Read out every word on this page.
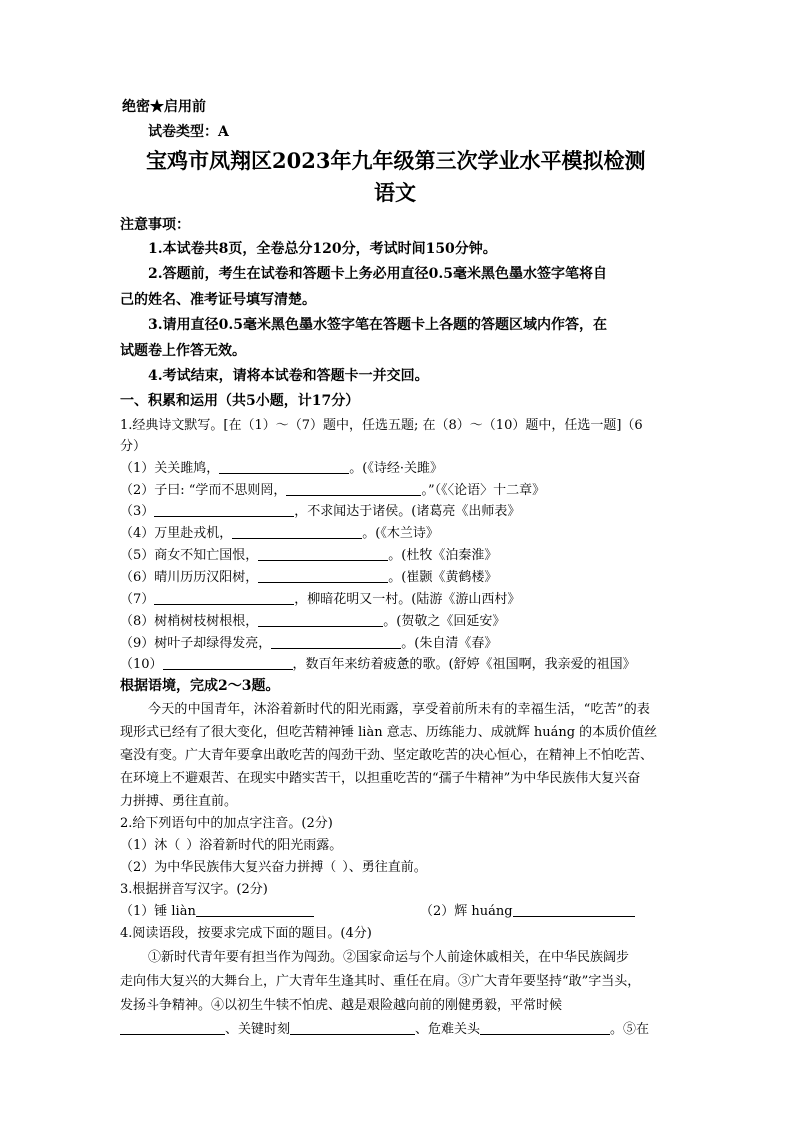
绝密★启用前
试卷类型：A
宝鸡市凤翔区2023年九年级第三次学业水平模拟检测
语文
注意事项：
1.本试卷共8页，全卷总分120分，考试时间150分钟。
2.答题前，考生在试卷和答题卡上务必用直径0.5毫米黑色墨水签字笔将自
己的姓名、准考证号填写清楚。
3.请用直径0.5毫米黑色墨水签字笔在答题卡上各题的答题区域内作答，在
试题卷上作答无效。
4.考试结束，请将本试卷和答题卡一并交回。
一、积累和运用（共5小题，计17分）
1.经典诗文默写。[在（1）～（7）题中，任选五题; 在（8）～（10）题中，任选一题]（6
分）
（1）关关雎鸠，	。(《诗经·关雎》
（2）子曰: “学而不思则罔，	。”（《〈论语〉十二章》
（3）	，不求闻达于诸侯。(诸葛亮《出师表》
（4）万里赴戎机，	。(《木兰诗》
（5）商女不知亡国恨，	。(杜牧《泊秦淮》
（6）晴川历历汉阳树，	。(崔颢《黄鹤楼》
（7）	，柳暗花明又一村。(陆游《游山西村》
（8）树梢树枝树根根，	。(贺敬之《回延安》
（9）树叶子却绿得发亮，	。(朱自清《春》
（10）	，数百年来纺着疲惫的歌。(舒婷《祖国啊，我亲爱的祖国》
根据语境，完成2～3题。
今天的中国青年，沐浴着新时代的阳光雨露，享受着前所未有的幸福生活，“吃苦”的表
现形式已经有了很大变化，但吃苦精神锤 liàn 意志、历练能力、成就辉 huáng 的本质价值丝
毫没有变。广大青年要拿出敢吃苦的闯劲干劲、坚定敢吃苦的决心恒心，在精神上不怕吃苦、
在环境上不避艰苦、在现实中踏实苦干，以担重吃苦的“孺子牛精神”为中华民族伟大复兴奋
力拼搏、勇往直前。
2.给下列语句中的加点字注音。(2分)
（1）沐（ ）浴着新时代的阳光雨露。
（2）为中华民族伟大复兴奋力拼搏（ ）、勇往直前。
3.根据拼音写汉字。(2分)
（1）锤 liàn	（2）辉 huáng
4.阅读语段，按要求完成下面的题目。(4分)
①新时代青年要有担当作为闯劲。②国家命运与个人前途休戚相关，在中华民族阔步
走向伟大复兴的大舞台上，广大青年生逢其时、重任在肩。③广大青年要坚持“敢”字当头，
发扬斗争精神。④以初生牛犊不怕虎、越是艰险越向前的刚健勇毅，平常时候
、关键时刻	、危难关头	。⑤在
